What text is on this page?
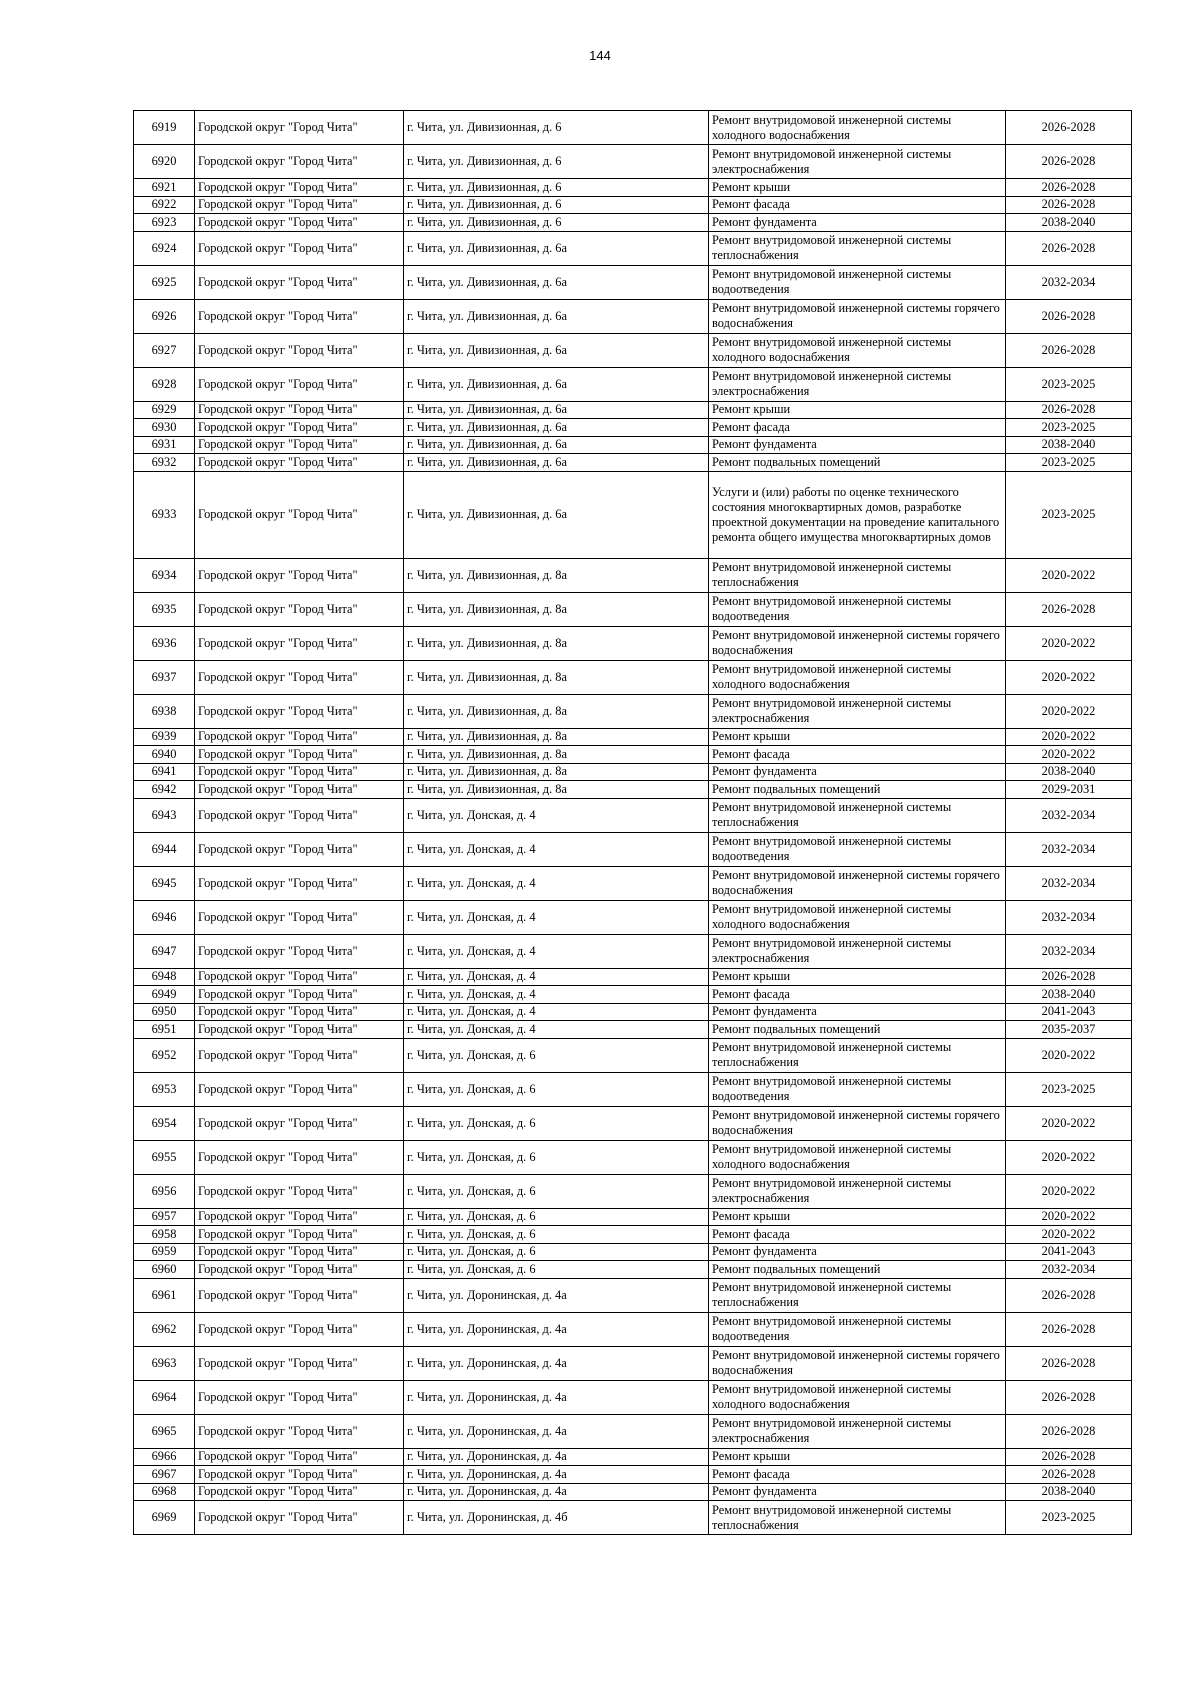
144
6919	Городской округ "Город Чита"	г. Чита, ул. Дивизионная, д. 6	Ремонт внутридомовой инженерной системы холодного водоснабжения	2026-2028
6920	Городской округ "Город Чита"	г. Чита, ул. Дивизионная, д. 6	Ремонт внутридомовой инженерной системы электроснабжения	2026-2028
6921	Городской округ "Город Чита"	г. Чита, ул. Дивизионная, д. 6	Ремонт крыши	2026-2028
6922	Городской округ "Город Чита"	г. Чита, ул. Дивизионная, д. 6	Ремонт фасада	2026-2028
6923	Городской округ "Город Чита"	г. Чита, ул. Дивизионная, д. 6	Ремонт фундамента	2038-2040
6924	Городской округ "Город Чита"	г. Чита, ул. Дивизионная, д. 6а	Ремонт внутридомовой инженерной системы теплоснабжения	2026-2028
6925	Городской округ "Город Чита"	г. Чита, ул. Дивизионная, д. 6а	Ремонт внутридомовой инженерной системы водоотведения	2032-2034
6926	Городской округ "Город Чита"	г. Чита, ул. Дивизионная, д. 6а	Ремонт внутридомовой инженерной системы горячего водоснабжения	2026-2028
6927	Городской округ "Город Чита"	г. Чита, ул. Дивизионная, д. 6а	Ремонт внутридомовой инженерной системы холодного водоснабжения	2026-2028
6928	Городской округ "Город Чита"	г. Чита, ул. Дивизионная, д. 6а	Ремонт внутридомовой инженерной системы электроснабжения	2023-2025
6929	Городской округ "Город Чита"	г. Чита, ул. Дивизионная, д. 6а	Ремонт крыши	2026-2028
6930	Городской округ "Город Чита"	г. Чита, ул. Дивизионная, д. 6а	Ремонт фасада	2023-2025
6931	Городской округ "Город Чита"	г. Чита, ул. Дивизионная, д. 6а	Ремонт фундамента	2038-2040
6932	Городской округ "Город Чита"	г. Чита, ул. Дивизионная, д. 6а	Ремонт подвальных помещений	2023-2025
6933	Городской округ "Город Чита"	г. Чита, ул. Дивизионная, д. 6а	Услуги и (или) работы по оценке технического состояния многоквартирных домов, разработке проектной документации на проведение капитального ремонта общего имущества многоквартирных домов	2023-2025
6934	Городской округ "Город Чита"	г. Чита, ул. Дивизионная, д. 8а	Ремонт внутридомовой инженерной системы теплоснабжения	2020-2022
6935	Городской округ "Город Чита"	г. Чита, ул. Дивизионная, д. 8а	Ремонт внутридомовой инженерной системы водоотведения	2026-2028
6936	Городской округ "Город Чита"	г. Чита, ул. Дивизионная, д. 8а	Ремонт внутридомовой инженерной системы горячего водоснабжения	2020-2022
6937	Городской округ "Город Чита"	г. Чита, ул. Дивизионная, д. 8а	Ремонт внутридомовой инженерной системы холодного водоснабжения	2020-2022
6938	Городской округ "Город Чита"	г. Чита, ул. Дивизионная, д. 8а	Ремонт внутридомовой инженерной системы электроснабжения	2020-2022
6939	Городской округ "Город Чита"	г. Чита, ул. Дивизионная, д. 8а	Ремонт крыши	2020-2022
6940	Городской округ "Город Чита"	г. Чита, ул. Дивизионная, д. 8а	Ремонт фасада	2020-2022
6941	Городской округ "Город Чита"	г. Чита, ул. Дивизионная, д. 8а	Ремонт фундамента	2038-2040
6942	Городской округ "Город Чита"	г. Чита, ул. Дивизионная, д. 8а	Ремонт подвальных помещений	2029-2031
6943	Городской округ "Город Чита"	г. Чита, ул. Донская, д. 4	Ремонт внутридомовой инженерной системы теплоснабжения	2032-2034
6944	Городской округ "Город Чита"	г. Чита, ул. Донская, д. 4	Ремонт внутридомовой инженерной системы водоотведения	2032-2034
6945	Городской округ "Город Чита"	г. Чита, ул. Донская, д. 4	Ремонт внутридомовой инженерной системы горячего водоснабжения	2032-2034
6946	Городской округ "Город Чита"	г. Чита, ул. Донская, д. 4	Ремонт внутридомовой инженерной системы холодного водоснабжения	2032-2034
6947	Городской округ "Город Чита"	г. Чита, ул. Донская, д. 4	Ремонт внутридомовой инженерной системы электроснабжения	2032-2034
6948	Городской округ "Город Чита"	г. Чита, ул. Донская, д. 4	Ремонт крыши	2026-2028
6949	Городской округ "Город Чита"	г. Чита, ул. Донская, д. 4	Ремонт фасада	2038-2040
6950	Городской округ "Город Чита"	г. Чита, ул. Донская, д. 4	Ремонт фундамента	2041-2043
6951	Городской округ "Город Чита"	г. Чита, ул. Донская, д. 4	Ремонт подвальных помещений	2035-2037
6952	Городской округ "Город Чита"	г. Чита, ул. Донская, д. 6	Ремонт внутридомовой инженерной системы теплоснабжения	2020-2022
6953	Городской округ "Город Чита"	г. Чита, ул. Донская, д. 6	Ремонт внутридомовой инженерной системы водоотведения	2023-2025
6954	Городской округ "Город Чита"	г. Чита, ул. Донская, д. 6	Ремонт внутридомовой инженерной системы горячего водоснабжения	2020-2022
6955	Городской округ "Город Чита"	г. Чита, ул. Донская, д. 6	Ремонт внутридомовой инженерной системы холодного водоснабжения	2020-2022
6956	Городской округ "Город Чита"	г. Чита, ул. Донская, д. 6	Ремонт внутридомовой инженерной системы электроснабжения	2020-2022
6957	Городской округ "Город Чита"	г. Чита, ул. Донская, д. 6	Ремонт крыши	2020-2022
6958	Городской округ "Город Чита"	г. Чита, ул. Донская, д. 6	Ремонт фасада	2020-2022
6959	Городской округ "Город Чита"	г. Чита, ул. Донская, д. 6	Ремонт фундамента	2041-2043
6960	Городской округ "Город Чита"	г. Чита, ул. Донская, д. 6	Ремонт подвальных помещений	2032-2034
6961	Городской округ "Город Чита"	г. Чита, ул. Доронинская, д. 4а	Ремонт внутридомовой инженерной системы теплоснабжения	2026-2028
6962	Городской округ "Город Чита"	г. Чита, ул. Доронинская, д. 4а	Ремонт внутридомовой инженерной системы водоотведения	2026-2028
6963	Городской округ "Город Чита"	г. Чита, ул. Доронинская, д. 4а	Ремонт внутридомовой инженерной системы горячего водоснабжения	2026-2028
6964	Городской округ "Город Чита"	г. Чита, ул. Доронинская, д. 4а	Ремонт внутридомовой инженерной системы холодного водоснабжения	2026-2028
6965	Городской округ "Город Чита"	г. Чита, ул. Доронинская, д. 4а	Ремонт внутридомовой инженерной системы электроснабжения	2026-2028
6966	Городской округ "Город Чита"	г. Чита, ул. Доронинская, д. 4а	Ремонт крыши	2026-2028
6967	Городской округ "Город Чита"	г. Чита, ул. Доронинская, д. 4а	Ремонт фасада	2026-2028
6968	Городской округ "Город Чита"	г. Чита, ул. Доронинская, д. 4а	Ремонт фундамента	2038-2040
6969	Городской округ "Город Чита"	г. Чита, ул. Доронинская, д. 4б	Ремонт внутридомовой инженерной системы теплоснабжения	2023-2025
